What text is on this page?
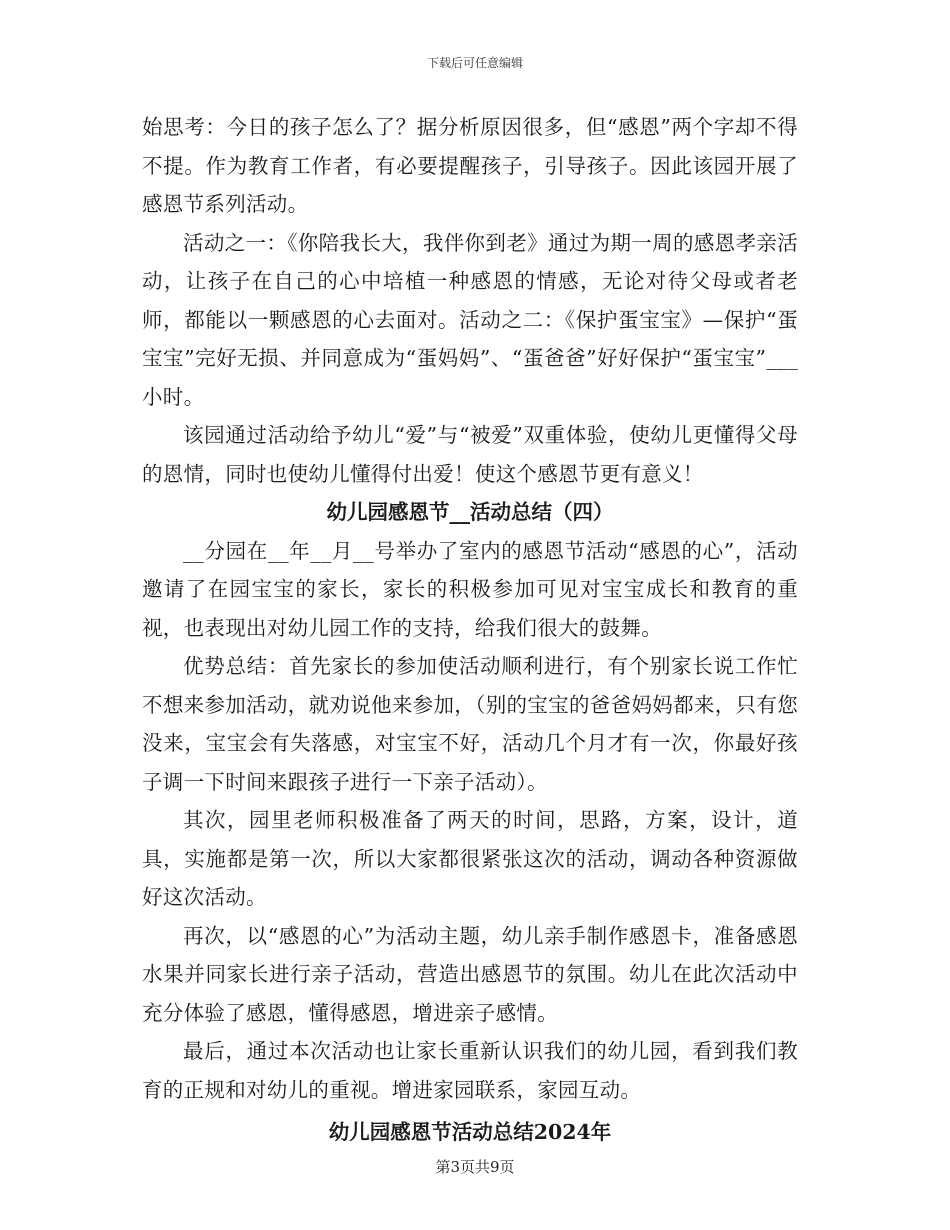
下载后可任意编辑

始思考：今日的孩子怎么了？据分析原因很多，但“感恩”两个字却不得不提。作为教育工作者，有必要提醒孩子，引导孩子。因此该园开展了感恩节系列活动。

活动之一：《你陪我长大，我伴你到老》通过为期一周的感恩孝亲活动，让孩子在自己的心中培植一种感恩的情感，无论对待父母或者老师，都能以一颗感恩的心去面对。活动之二：《保护蛋宝宝》—保护“蛋宝宝”完好无损、并同意成为“蛋妈妈”、“蛋爸爸”好好保护“蛋宝宝”___小时。

该园通过活动给予幼儿“爱”与“被爱”双重体验，使幼儿更懂得父母的恩情，同时也使幼儿懂得付出爱！使这个感恩节更有意义！

幼儿园感恩节__活动总结（四）

__分园在__年__月__号举办了室内的感恩节活动“感恩的心”，活动邀请了在园宝宝的家长，家长的积极参加可见对宝宝成长和教育的重视，也表现出对幼儿园工作的支持，给我们很大的鼓舞。

优势总结：首先家长的参加使活动顺利进行，有个别家长说工作忙不想来参加活动，就劝说他来参加，（别的宝宝的爸爸妈妈都来，只有您没来，宝宝会有失落感，对宝宝不好，活动几个月才有一次，你最好孩子调一下时间来跟孩子进行一下亲子活动）。

其次，园里老师积极准备了两天的时间，思路，方案，设计，道具，实施都是第一次，所以大家都很紧张这次的活动，调动各种资源做好这次活动。

再次，以“感恩的心”为活动主题，幼儿亲手制作感恩卡，准备感恩水果并同家长进行亲子活动，营造出感恩节的氛围。幼儿在此次活动中充分体验了感恩，懂得感恩，增进亲子感情。

最后，通过本次活动也让家长重新认识我们的幼儿园，看到我们教育的正规和对幼儿的重视。增进家园联系，家园互动。

幼儿园感恩节活动总结2024年
第3页共9页
